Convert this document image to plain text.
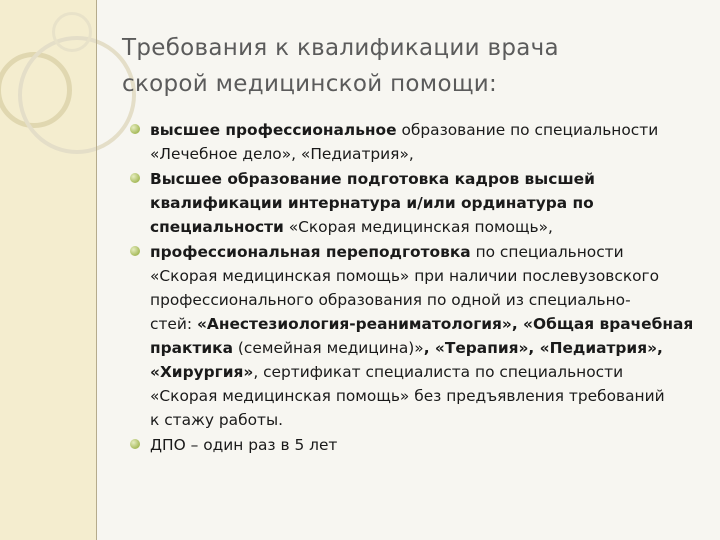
Требования к квалификации врача
скорой медицинской помощи:
высшее профессиональное образование по специальности
«Лечебное дело», «Педиатрия»,
Высшее образование подготовка кадров высшей
квалификации интернатура и/или ординатура по
специальности «Скорая медицинская помощь»,
профессиональная переподготовка по специальности
«Скорая медицинская помощь» при наличии послевузовского
профессионального образования по одной из специально-
стей: «Анестезиология-реаниматология», «Общая врачебная
практика (семейная медицина)», «Терапия», «Педиатрия»,
«Хирургия», сертификат специалиста по специальности
«Скорая медицинская помощь» без предъявления требований
к стажу работы.
ДПО – один раз в 5 лет
